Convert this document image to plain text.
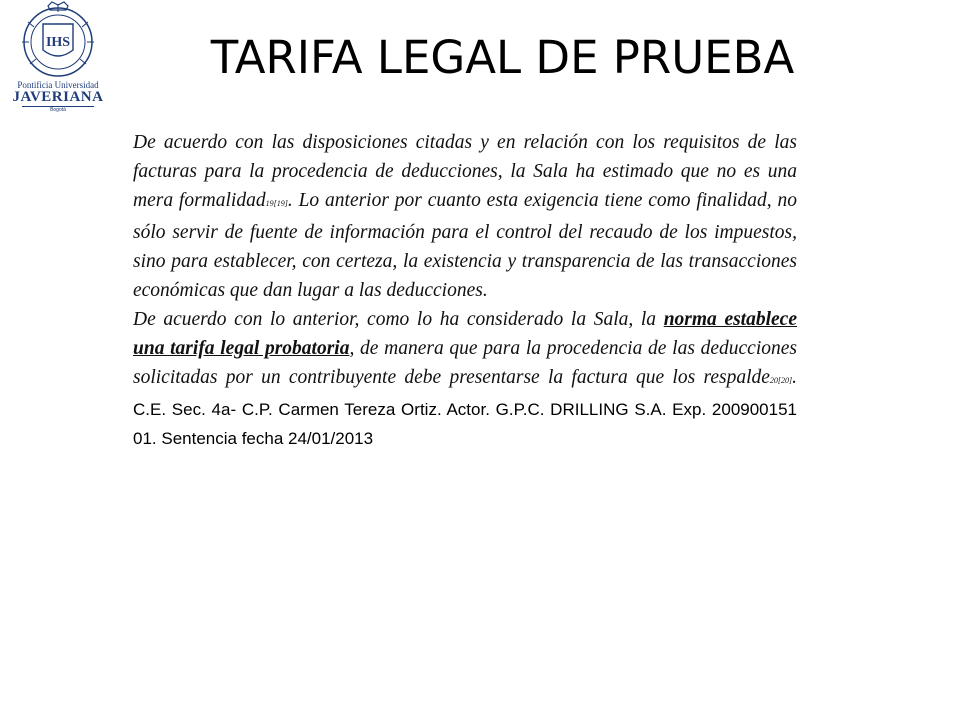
IHS
Pontificia Universidad
JAVERIANA
Bogotá
TARIFA LEGAL DE PRUEBA

De acuerdo con las disposiciones citadas y en relación con los requisitos de las facturas para la procedencia de deducciones, la Sala ha estimado que no es una mera formalidad19[19]. Lo anterior por cuanto esta exigencia tiene como finalidad, no sólo servir de fuente de información para el control del recaudo de los impuestos, sino para establecer, con certeza, la existencia y transparencia de las transacciones económicas que dan lugar a las deducciones.

De acuerdo con lo anterior, como lo ha considerado la Sala, la norma establece una tarifa legal probatoria, de manera que para la procedencia de las deducciones solicitadas por un contribuyente debe presentarse la factura que los respalde20[20]. C.E. Sec. 4a- C.P. Carmen Tereza Ortiz. Actor. G.P.C. DRILLING S.A. Exp. 200900151 01. Sentencia fecha 24/01/2013
